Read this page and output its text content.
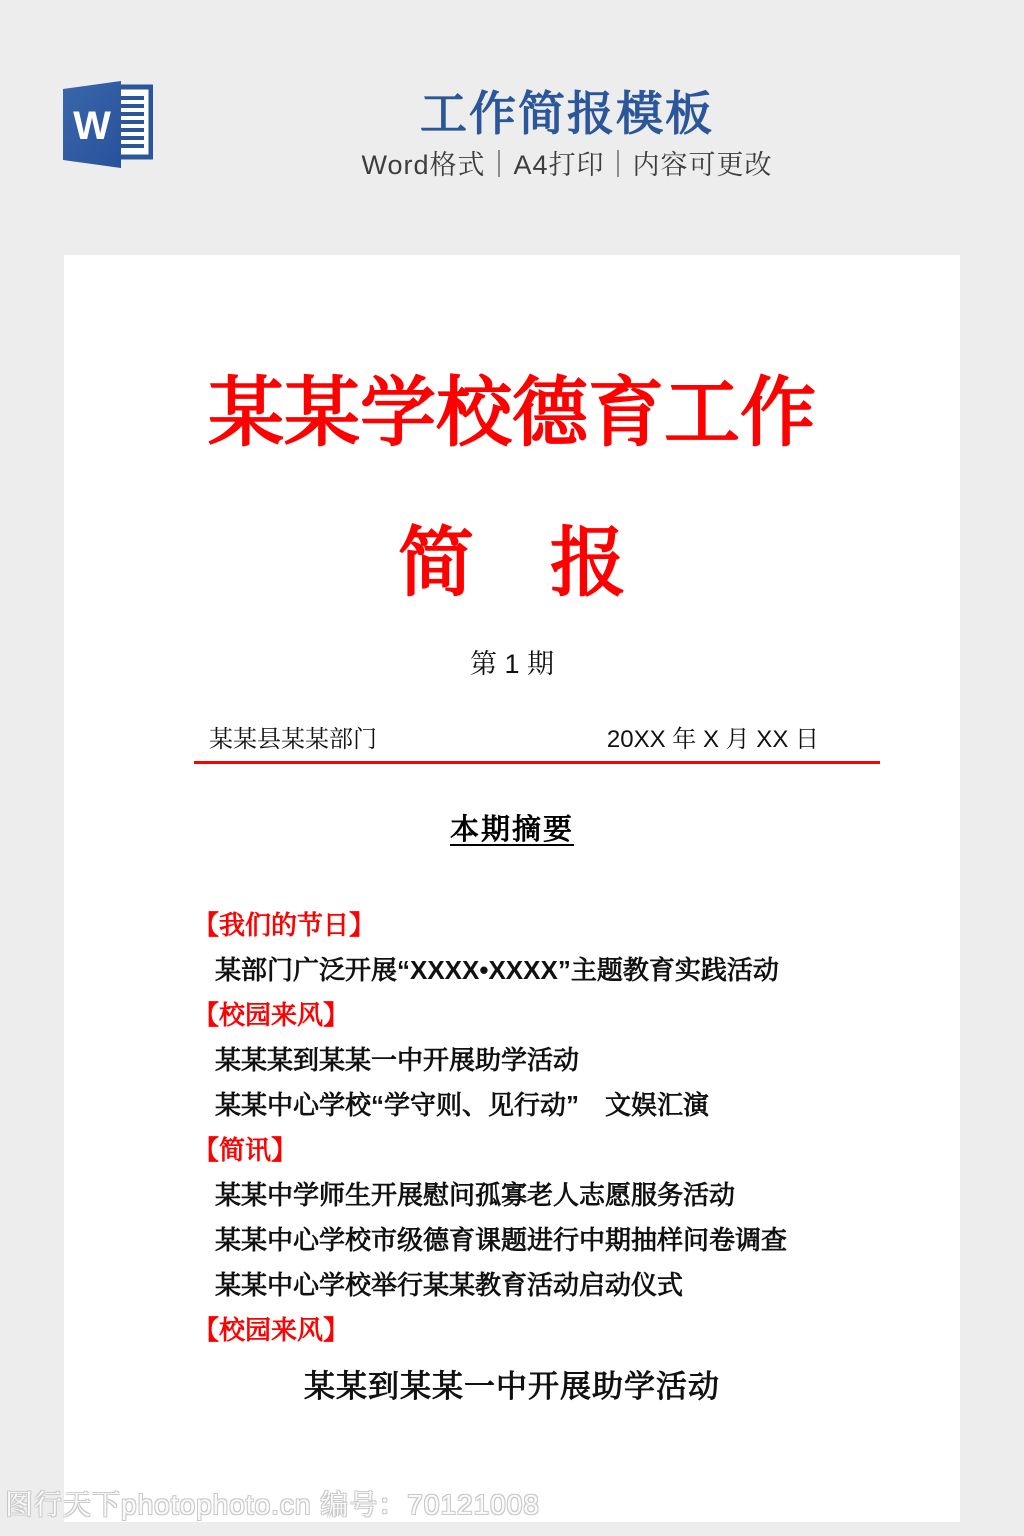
W	工作简报模板

Word格式｜A4打印｜内容可更改

某某学校德育工作
简　报
第 1 期
某某县某某部门	20XX 年 X 月 XX 日
本期摘要
【我们的节日】
某部门广泛开展“XXXX•XXXX”主题教育实践活动
【校园来风】
某某某到某某一中开展助学活动
某某中心学校“学守则、见行动”　文娱汇演
【简讯】
某某中学师生开展慰问孤寡老人志愿服务活动
某某中心学校市级德育课题进行中期抽样问卷调查
某某中心学校举行某某教育活动启动仪式
【校园来风】
某某到某某一中开展助学活动
图行天下photophoto.cn 编号：70121008
